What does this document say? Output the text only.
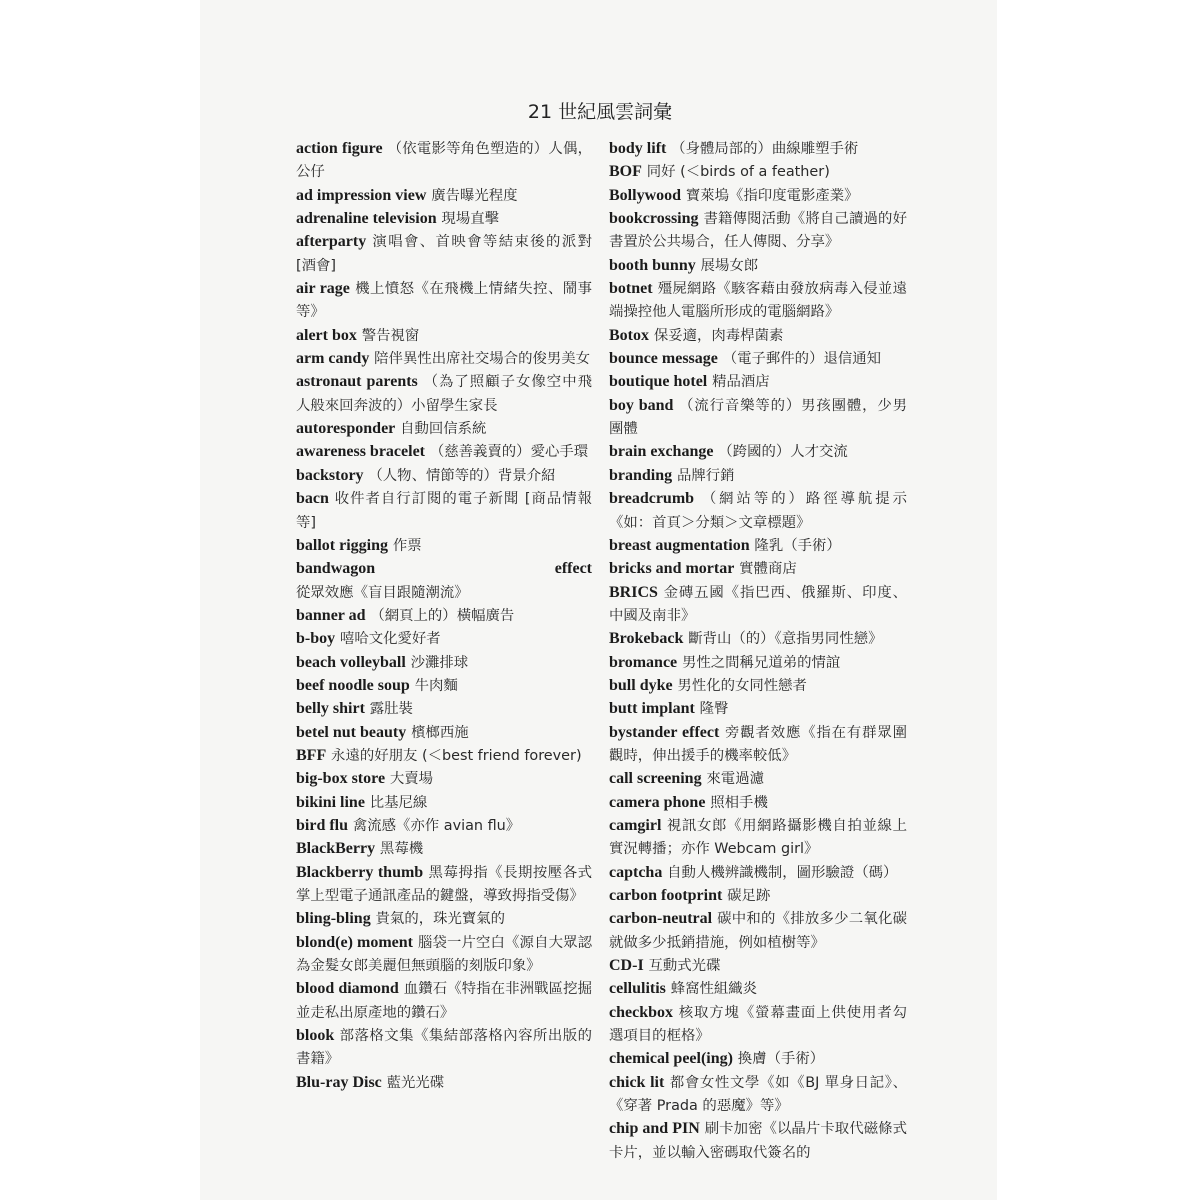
21 世紀風雲詞彙
action figure （依電影等角色塑造的）人偶，公仔
ad impression view 廣告曝光程度
adrenaline television 現場直擊
afterparty 演唱會、首映會等結束後的派對 [酒會]
air rage 機上憤怒《在飛機上情緒失控、鬧事等》
alert box 警告視窗
arm candy 陪伴異性出席社交場合的俊男美女
astronaut parents （為了照顧子女像空中飛人般來回奔波的）小留學生家長
autoresponder 自動回信系統
awareness bracelet （慈善義賣的）愛心手環
backstory （人物、情節等的）背景介紹
bacn 收件者自行訂閱的電子新聞 [商品情報等]
ballot rigging 作票
bandwagon effect 從眾效應《盲目跟隨潮流》
banner ad （網頁上的）橫幅廣告
b-boy 嘻哈文化愛好者
beach volleyball 沙灘排球
beef noodle soup 牛肉麵
belly shirt 露肚裝
betel nut beauty 檳榔西施
BFF 永遠的好朋友 (＜best friend forever)
big-box store 大賣場
bikini line 比基尼線
bird flu 禽流感《亦作 avian flu》
BlackBerry 黑莓機
Blackberry thumb 黑莓拇指《長期按壓各式掌上型電子通訊產品的鍵盤，導致拇指受傷》
bling-bling 貴氣的，珠光寶氣的
blond(e) moment 腦袋一片空白《源自大眾認為金髮女郎美麗但無頭腦的刻版印象》
blood diamond 血鑽石《特指在非洲戰區挖掘並走私出原產地的鑽石》
blook 部落格文集《集結部落格內容所出版的書籍》
Blu-ray Disc 藍光光碟
body lift （身體局部的）曲線雕塑手術
BOF 同好 (＜birds of a feather)
Bollywood 寶萊塢《指印度電影產業》
bookcrossing 書籍傳閱活動《將自己讀過的好書置於公共場合，任人傳閱、分享》
booth bunny 展場女郎
botnet 殭屍網路《駭客藉由發放病毒入侵並遠端操控他人電腦所形成的電腦網路》
Botox 保妥適，肉毒桿菌素
bounce message （電子郵件的）退信通知
boutique hotel 精品酒店
boy band （流行音樂等的）男孩團體，少男團體
brain exchange （跨國的）人才交流
branding 品牌行銷
breadcrumb （網站等的）路徑導航提示《如：首頁＞分類＞文章標題》
breast augmentation 隆乳（手術）
bricks and mortar 實體商店
BRICS 金磚五國《指巴西、俄羅斯、印度、中國及南非》
Brokeback 斷背山（的）《意指男同性戀》
bromance 男性之間稱兄道弟的情誼
bull dyke 男性化的女同性戀者
butt implant 隆臀
bystander effect 旁觀者效應《指在有群眾圍觀時，伸出援手的機率較低》
call screening 來電過濾
camera phone 照相手機
camgirl 視訊女郎《用網路攝影機自拍並線上實況轉播；亦作 Webcam girl》
captcha 自動人機辨識機制，圖形驗證（碼）
carbon footprint 碳足跡
carbon-neutral 碳中和的《排放多少二氧化碳就做多少抵銷措施，例如植樹等》
CD-I 互動式光碟
cellulitis 蜂窩性組織炎
checkbox 核取方塊《螢幕畫面上供使用者勾選項目的框格》
chemical peel(ing) 換膚（手術）
chick lit 都會女性文學《如《BJ 單身日記》、《穿著 Prada 的惡魔》等》
chip and PIN 刷卡加密《以晶片卡取代磁條式卡片，並以輸入密碼取代簽名的
